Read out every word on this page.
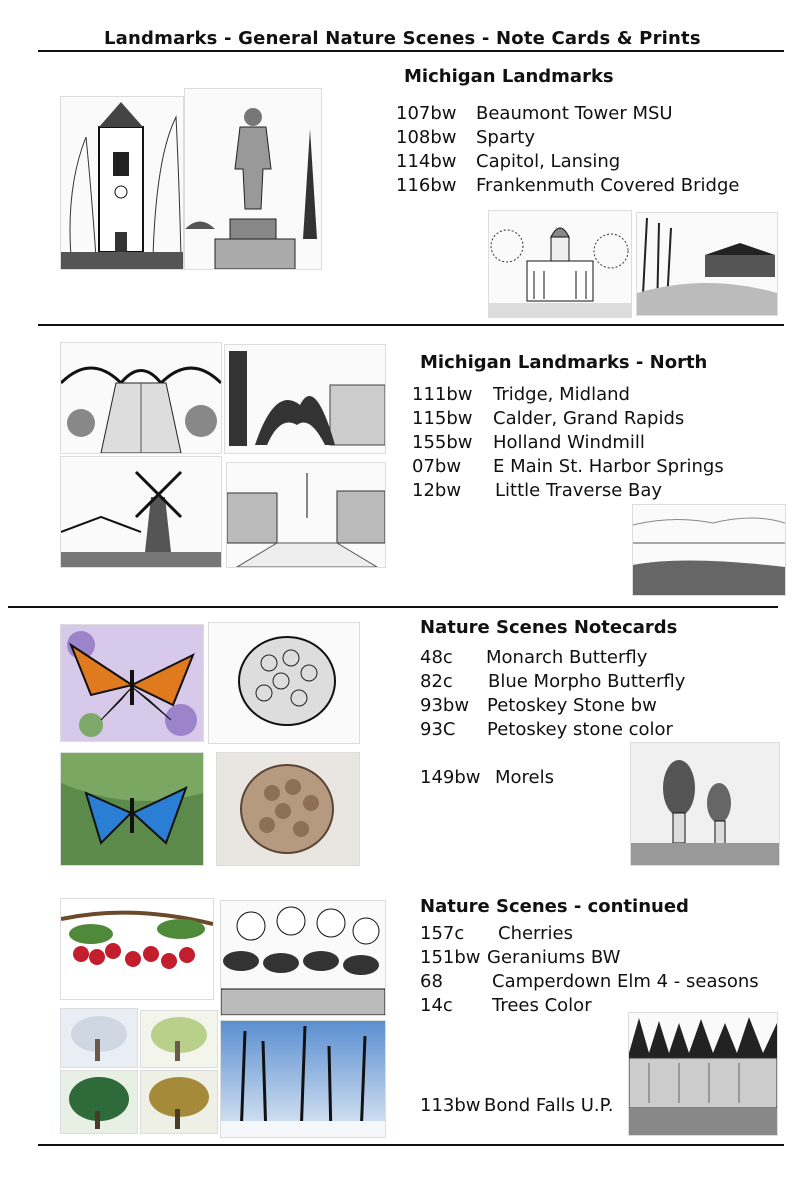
Landmarks - General Nature Scenes - Note Cards & Prints
Michigan Landmarks
107bw	Beaumont Tower MSU
108bw	Sparty
114bw	Capitol, Lansing
116bw	Frankenmuth Covered Bridge
Michigan Landmarks - North
111bw	Tridge, Midland
115bw	Calder, Grand Rapids
155bw	Holland Windmill
07bw	E Main St. Harbor Springs
12bw	Little Traverse Bay
Nature Scenes Notecards
48c	Monarch Butterfly
82c	Blue Morpho Butterfly
93bw Petoskey Stone bw
93C	Petoskey stone color
149bw Morels
Nature Scenes - continued
157c	Cherries
151bw Geraniums BW
68	Camperdown Elm 4 - seasons
14c	Trees Color
113bw Bond Falls U.P.
